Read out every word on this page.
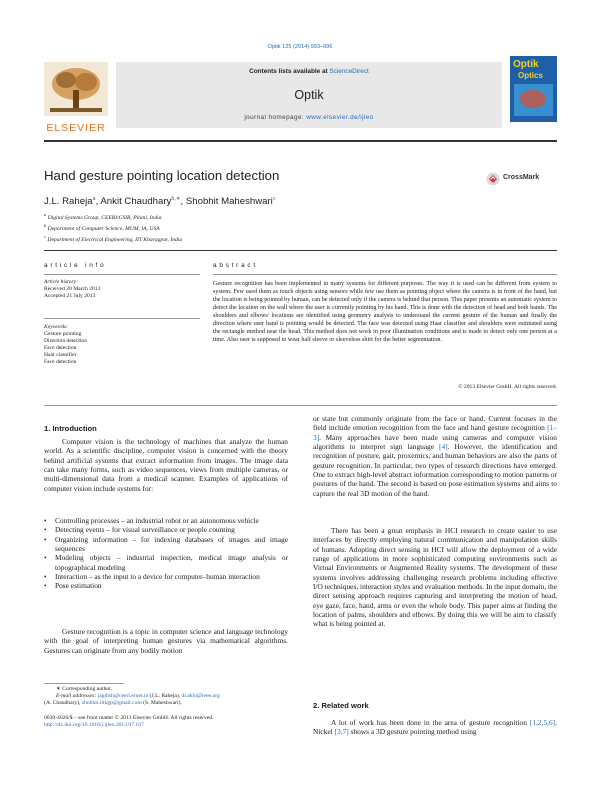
Optik 125 (2014) 993–996
ELSEVIER
Contents lists available at ScienceDirect
Optik
journal homepage: www.elsevier.de/ijleo
Optik
Optics
Hand gesture pointing location detection	CrossMark
J.L. Raheja$^a$, Ankit Chaudhary$^{b,∗}$, Shobhit Maheshwari$^c$
$^a$ Digital Systems Group, CEERI/CSIR, Pilani, India
$^b$ Department of Computer Science, MUM, IA, USA
$^c$ Department of Electrical Engineering, IIT Kharagpur, India
a r t i c l e   i n f o
Article history:
Received 20 March 2013
Accepted 21 July 2013
Keywords:
Gesture pointing
Direction detection
Face detection
Haar classifier
Face detection
a b s t r a c t
Gesture recognition has been implemented in many systems for different purposes. The way it is used can be different from system to system. Few used them as touch objects using sensors while few use them as pointing object where the camera is in front of the hand, but the location is being pointed by human, can be detected only if the camera is behind that person. This paper presents an automatic system to detect the location on the wall where the user is currently pointing by his hand. This is done with the detection of head and both hands. The shoulders and elbows' locations are identified using geometry analysis to understand the current gesture of the human and finally the direction where user hand is pointing would be detected. The face was detected using Haar classifier and shoulders were estimated using the rectangle method near the head. This method does not work in poor illumination conditions and is made to detect only one person at a time. Also user is supposed to wear half sleeve or sleeveless shirt for the better segmentation.
© 2013 Elsevier GmbH. All rights reserved.
1. Introduction
Computer vision is the technology of machines that analyze the human world. As a scientific discipline, computer vision is concerned with the theory behind artificial systems that extract information from images. The image data can take many forms, such as video sequences, views from multiple cameras, or multi-dimensional data from a medical scanner. Examples of applications of computer vision include systems for:
• Controlling processes – an industrial robot or an autonomous vehicle
• Detecting events – for visual surveillance or people counting
• Organizing information – for indexing databases of images and image sequences
• Modeling objects – industrial inspection, medical image analysis or topographical modeling
• Interaction – as the input to a device for computer–human interaction
• Pose estimation
Gesture recognition is a topic in computer science and language technology with the goal of interpreting human gestures via mathematical algorithms. Gestures can originate from any bodily motion
∗ Corresponding author.
E-mail addresses: jagdish@ceeri.ernet.in (J.L. Raheja), dr.akhi@ieee.org
(A. Chaudhary), shobhit.iitkgp@gmail.com (S. Maheshwari).
0030-4026/$ – see front matter © 2013 Elsevier GmbH. All rights reserved.
http://dx.doi.org/10.1016/j.ijleo.2013.07.167
or state but commonly originate from the face or hand. Current focuses in the field include emotion recognition from the face and hand gesture recognition [1–3]. Many approaches have been made using cameras and computer vision algorithms to interpret sign language [4]. However, the identification and recognition of posture, gait, proxemics, and human behaviors are also the parts of gesture recognition. In particular, two types of research directions have emerged. One to extract high-level abstract information corresponding to motion patterns or postures of the hand. The second is based on pose estimation systems and aims to capture the real 3D motion of the hand.
There has been a great emphasis in HCI research to create easier to use interfaces by directly employing natural communication and manipulation skills of humans. Adopting direct sensing in HCI will allow the deployment of a wide range of applications in more sophisticated computing environments such as Virtual Environments or Augmented Reality systems. The development of these systems involves addressing challenging research problems including effective I/O techniques, interaction styles and evaluation methods. In the input domain, the direct sensing approach requires capturing and interpreting the motion of head, eye gaze, face, hand, arms or even the whole body. This paper aims at finding the location of palms, shoulders and elbows. By doing this we will be aim to classify what is being pointed at.
2. Related work
A lot of work has been done in the area of gesture recognition [1,2,5,6]. Nickel [3,7] shows a 3D gesture pointing method using
